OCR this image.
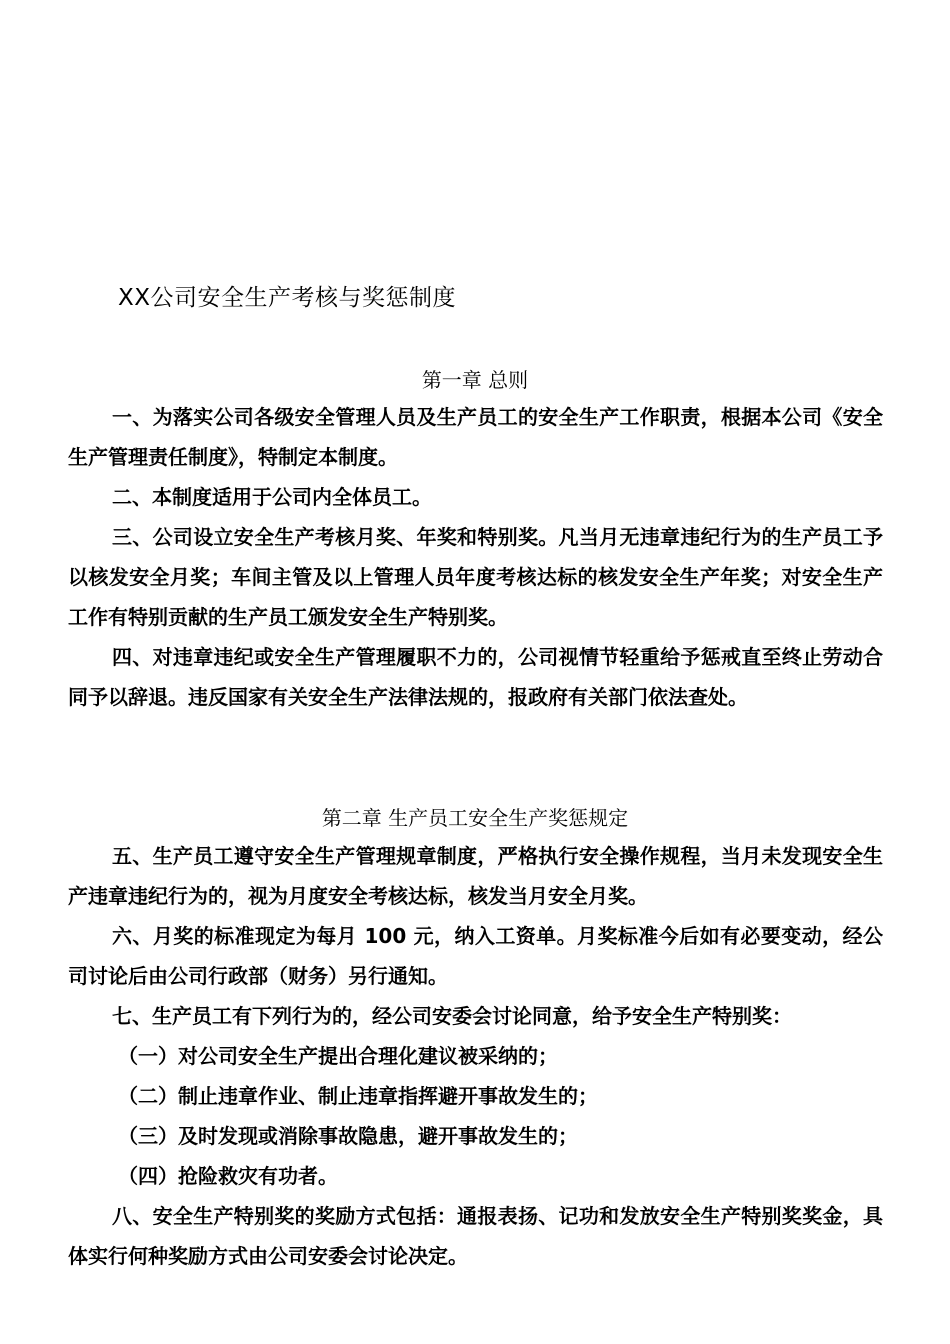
XX公司安全生产考核与奖惩制度
第一章 总则
一、为落实公司各级安全管理人员及生产员工的安全生产工作职责，根据本公司《安全生产管理责任制度》，特制定本制度。
二、本制度适用于公司内全体员工。
三、公司设立安全生产考核月奖、年奖和特别奖。凡当月无违章违纪行为的生产员工予以核发安全月奖；车间主管及以上管理人员年度考核达标的核发安全生产年奖；对安全生产工作有特别贡献的生产员工颁发安全生产特别奖。
四、对违章违纪或安全生产管理履职不力的，公司视情节轻重给予惩戒直至终止劳动合同予以辞退。违反国家有关安全生产法律法规的，报政府有关部门依法查处。
第二章 生产员工安全生产奖惩规定
五、生产员工遵守安全生产管理规章制度，严格执行安全操作规程，当月未发现安全生产违章违纪行为的，视为月度安全考核达标，核发当月安全月奖。
六、月奖的标准现定为每月 100 元，纳入工资单。月奖标准今后如有必要变动，经公司讨论后由公司行政部（财务）另行通知。
七、生产员工有下列行为的，经公司安委会讨论同意，给予安全生产特别奖：
（一）对公司安全生产提出合理化建议被采纳的；
（二）制止违章作业、制止违章指挥避开事故发生的；
（三）及时发现或消除事故隐患，避开事故发生的；
（四）抢险救灾有功者。
八、安全生产特别奖的奖励方式包括：通报表扬、记功和发放安全生产特别奖奖金，具体实行何种奖励方式由公司安委会讨论决定。
